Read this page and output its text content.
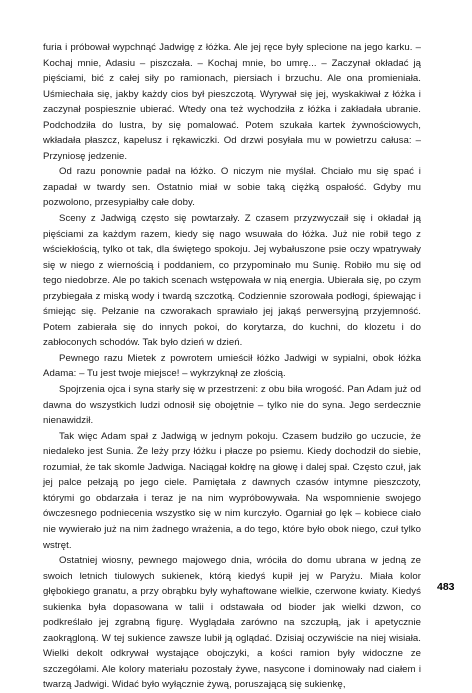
furia i próbował wypchnąć Jadwigę z łóżka. Ale jej ręce były splecione na jego karku. – Kochaj mnie, Adasiu – piszczała. – Kochaj mnie, bo umrę... – Zaczynał okładać ją pięściami, bić z całej siły po ramionach, piersiach i brzuchu. Ale ona promieniała. Uśmiechała się, jakby każdy cios był pieszczotą. Wyrywał się jej, wyskakiwał z łóżka i zaczynał pospiesznie ubierać. Wtedy ona też wychodziła z łóżka i zakładała ubranie. Podchodziła do lustra, by się pomalować. Potem szukała kartek żywnościowych, wkładała płaszcz, kapelusz i rękawiczki. Od drzwi posyłała mu w powietrzu całusa: – Przyniosę jedzenie.

Od razu ponownie padał na łóżko. O niczym nie myślał. Chciało mu się spać i zapadał w twardy sen. Ostatnio miał w sobie taką ciężką ospałość. Gdyby mu pozwolono, przesypiałby całe doby.

Sceny z Jadwigą często się powtarzały. Z czasem przyzwyczaił się i okładał ją pięściami za każdym razem, kiedy się nago wsuwała do łóżka. Już nie robił tego z wściekłością, tylko ot tak, dla świętego spokoju. Jej wybałuszone psie oczy wpatrywały się w niego z wiernością i poddaniem, co przypominało mu Sunię. Robiło mu się od tego niedobrze. Ale po takich scenach wstępowała w nią energia. Ubierała się, po czym przybiegała z miską wody i twardą szczotką. Codziennie szorowała podłogi, śpiewając i śmiejąc się. Pełzanie na czworakach sprawiało jej jakąś perwersyjną przyjemność. Potem zabierała się do innych pokoi, do korytarza, do kuchni, do klozetu i do zabłoconych schodów. Tak było dzień w dzień.

Pewnego razu Mietek z powrotem umieścił łóżko Jadwigi w sypialni, obok łóżka Adama: – Tu jest twoje miejsce! – wykrzyknął ze złością.

Spojrzenia ojca i syna starły się w przestrzeni: z obu biła wrogość. Pan Adam już od dawna do wszystkich ludzi odnosił się obojętnie – tylko nie do syna. Jego serdecznie nienawidził.

Tak więc Adam spał z Jadwigą w jednym pokoju. Czasem budziło go uczucie, że niedaleko jest Sunia. Że leży przy łóżku i płacze po psiemu. Kiedy dochodził do siebie, rozumiał, że tak skomle Jadwiga. Naciągał kołdrę na głowę i dalej spał. Często czuł, jak jej palce pełzają po jego ciele. Pamiętała z dawnych czasów intymne pieszczoty, którymi go obdarzała i teraz je na nim wypróbowywała. Na wspomnienie swojego ówczesnego podniecenia wszystko się w nim kurczyło. Ogarniał go lęk – kobiece ciało nie wywierało już na nim żadnego wrażenia, a do tego, które było obok niego, czuł tylko wstręt.

Ostatniej wiosny, pewnego majowego dnia, wróciła do domu ubrana w jedną ze swoich letnich tiulowych sukienek, którą kiedyś kupił jej w Paryżu. Miała kolor głębokiego granatu, a przy obrąbku były wyhaftowane wielkie, czerwone kwiaty. Kiedyś sukienka była dopasowana w talii i odstawała od bioder jak wielki dzwon, co podkreślało jej zgrabną figurę. Wyglądała zarówno na szczupłą, jak i apetycznie zaokrągloną. W tej sukience zawsze lubił ją oglądać. Dzisiaj oczywiście na niej wisiała. Wielki dekolt odkrywał wystające obojczyki, a kości ramion były widoczne ze szczegółami. Ale kolory materiału pozostały żywe, nasycone i dominowały nad ciałem i twarzą Jadwigi. Widać było wyłącznie żywą, poruszającą się sukienkę,

483
